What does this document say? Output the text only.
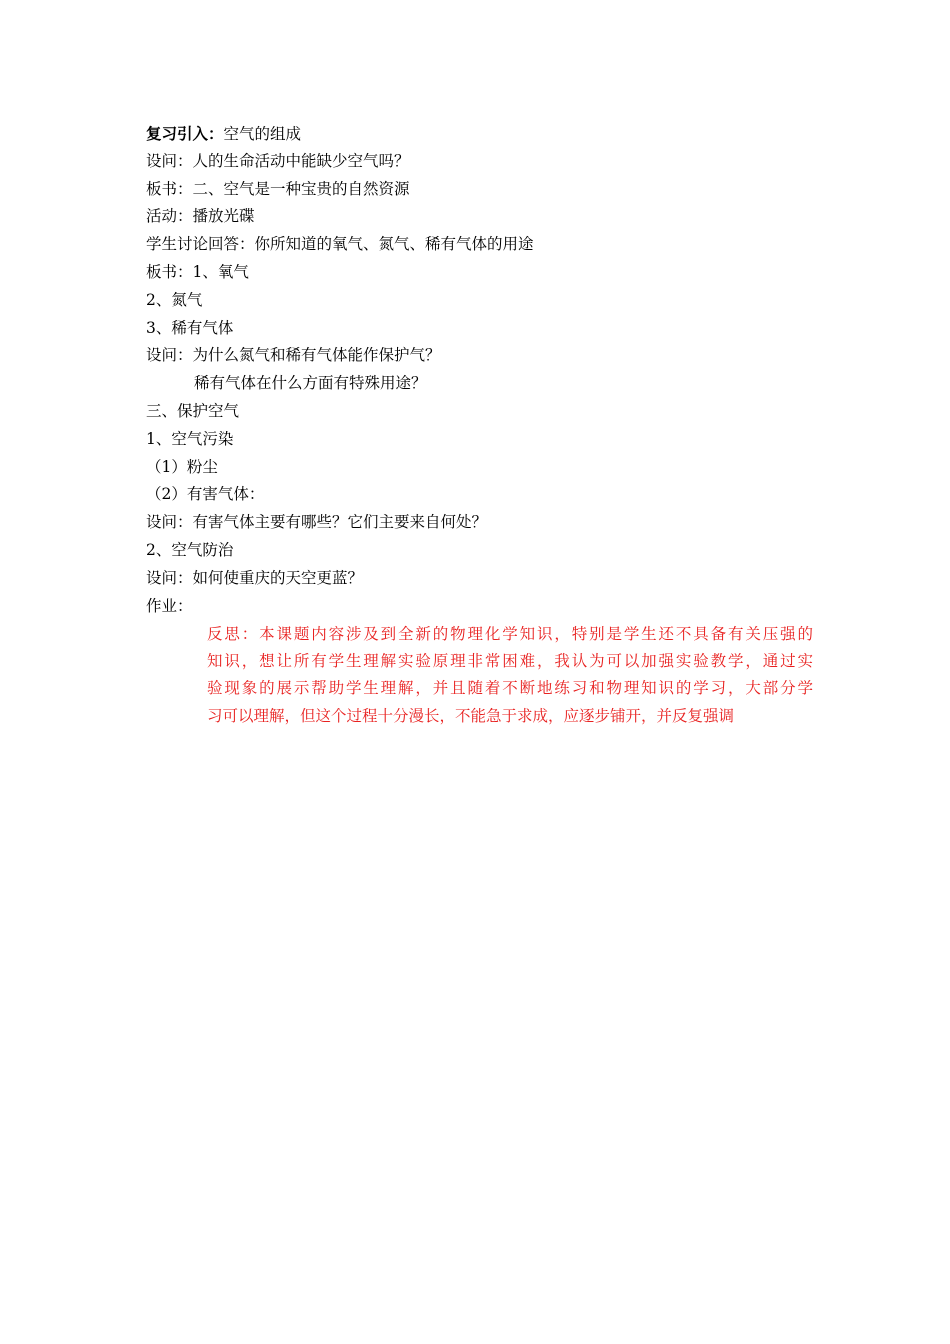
复习引入：空气的组成
设问：人的生命活动中能缺少空气吗？
板书：二、空气是一种宝贵的自然资源
活动：播放光碟
学生讨论回答：你所知道的氧气、氮气、稀有气体的用途
板书：1、氧气
2、氮气
3、稀有气体
设问：为什么氮气和稀有气体能作保护气？
稀有气体在什么方面有特殊用途？
三、保护空气
1、空气污染
（1）粉尘
（2）有害气体：
设问：有害气体主要有哪些？它们主要来自何处？
2、空气防治
设问：如何使重庆的天空更蓝？
作业：
反思：本课题内容涉及到全新的物理化学知识，特别是学生还不具备有关压强的
知识，想让所有学生理解实验原理非常困难，我认为可以加强实验教学，通过实
验现象的展示帮助学生理解，并且随着不断地练习和物理知识的学习，大部分学
习可以理解，但这个过程十分漫长，不能急于求成，应逐步铺开，并反复强调
